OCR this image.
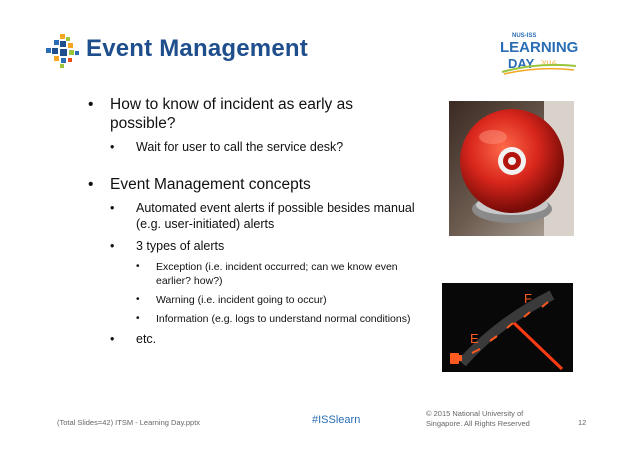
Event Management	NUS-ISS
LEARNING
DAY 2016
• How to know of incident as early as possible?
• Wait for user to call the service desk?
• Event Management concepts
• Automated event alerts if possible besides manual (e.g. user-initiated) alerts
• 3 types of alerts
• Exception (i.e. incident occurred; can we know even earlier? how?)
• Warning (i.e. incident going to occur)
• Information (e.g. logs to understand normal conditions)
• etc.
F
E
(Total Slides=42) ITSM - Learning Day.pptx	#ISSlearn
© 2015 National University of Singapore. All Rights Reserved	12
